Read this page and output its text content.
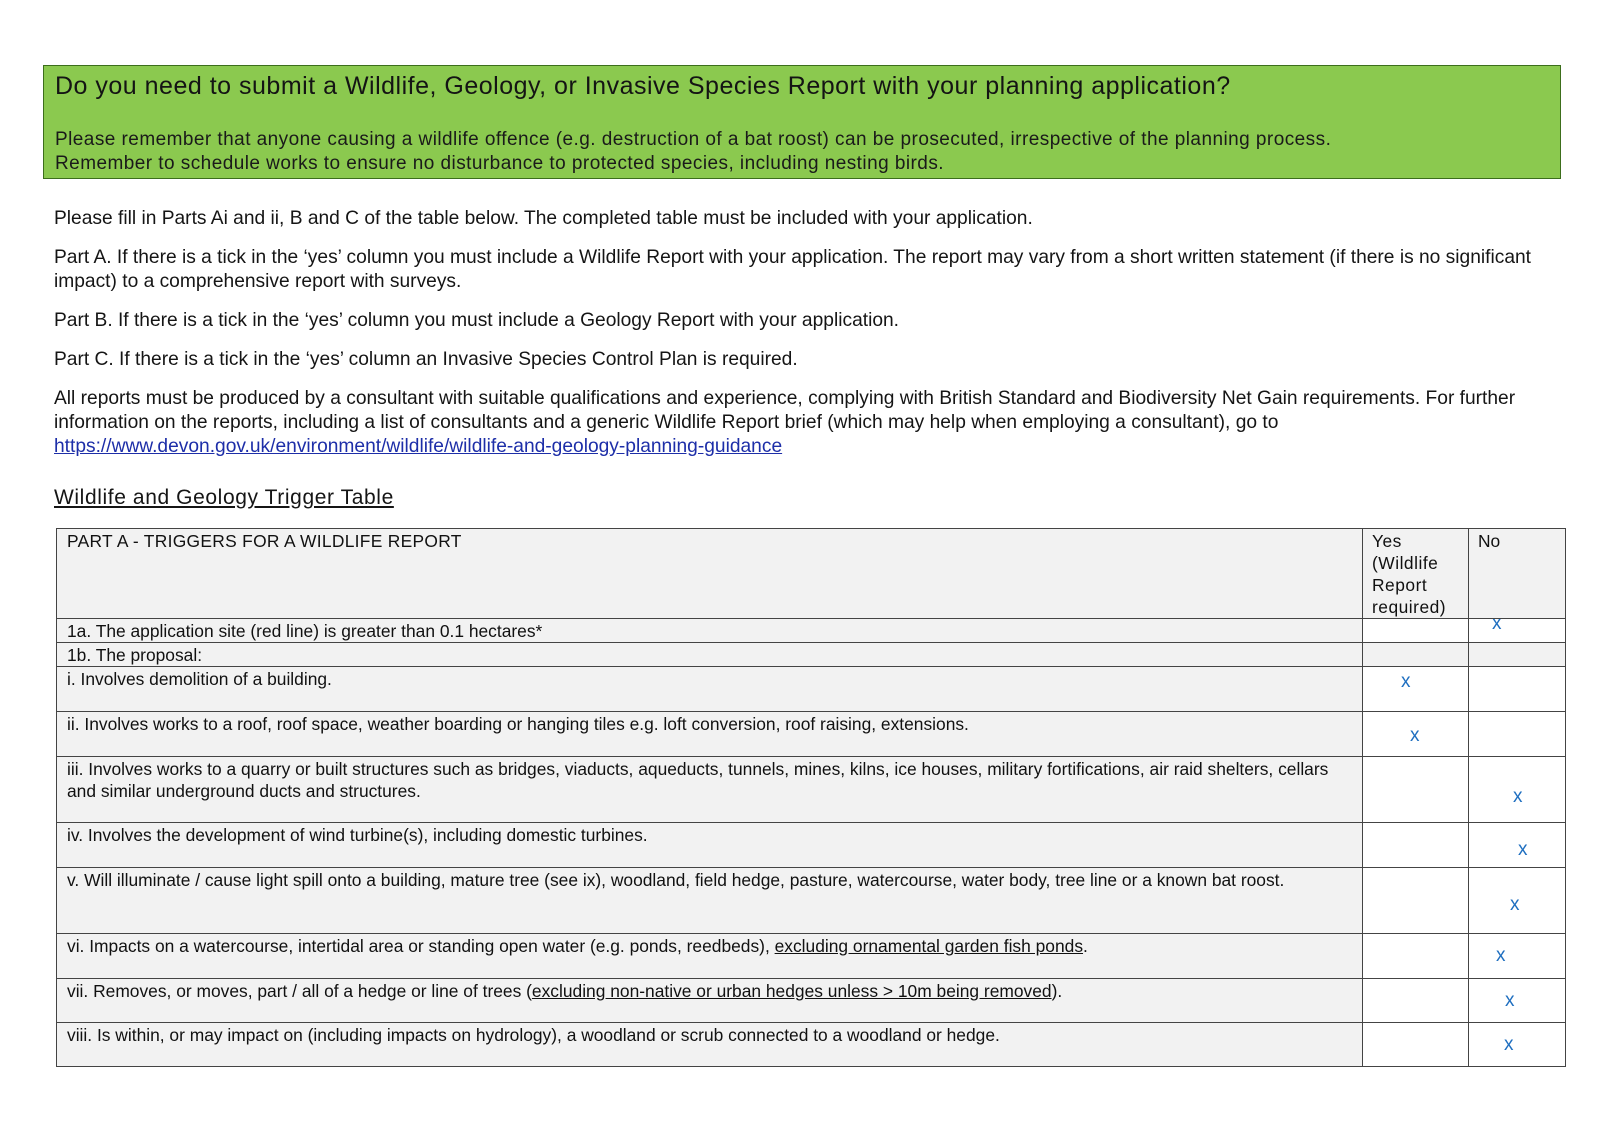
Do you need to submit a Wildlife, Geology, or Invasive Species Report with your planning application?

Please remember that anyone causing a wildlife offence (e.g. destruction of a bat roost) can be prosecuted, irrespective of the planning process.
Remember to schedule works to ensure no disturbance to protected species, including nesting birds.

Please fill in Parts Ai and ii, B and C of the table below. The completed table must be included with your application.

Part A. If there is a tick in the ‘yes’ column you must include a Wildlife Report with your application. The report may vary from a short written statement (if there is no significant impact) to a comprehensive report with surveys.

Part B. If there is a tick in the ‘yes’ column you must include a Geology Report with your application.

Part C. If there is a tick in the ‘yes’ column an Invasive Species Control Plan is required.

All reports must be produced by a consultant with suitable qualifications and experience, complying with British Standard and Biodiversity Net Gain requirements. For further information on the reports, including a list of consultants and a generic Wildlife Report brief (which may help when employing a consultant), go to https://www.devon.gov.uk/environment/wildlife/wildlife-and-geology-planning-guidance

Wildlife and Geology Trigger Table
PART A - TRIGGERS FOR A WILDLIFE REPORT	Yes (Wildlife Report required)	No
1a. The application site (red line) is greater than 0.1 hectares*		x

1b. The proposal:		
i. Involves demolition of a building.	x	

ii. Involves works to a roof, roof space, weather boarding or hanging tiles e.g. loft conversion, roof raising, extensions.	x	

iii. Involves works to a quarry or built structures such as bridges, viaducts, aqueducts, tunnels, mines, kilns, ice houses, military fortifications, air raid shelters, cellars and similar underground ducts and structures.		x

iv. Involves the development of wind turbine(s), including domestic turbines.		x

v. Will illuminate / cause light spill onto a building, mature tree (see ix), woodland, field hedge, pasture, watercourse, water body, tree line or a known bat roost.		x

vi. Impacts on a watercourse, intertidal area or standing open water (e.g. ponds, reedbeds), excluding ornamental garden fish ponds.		x

vii. Removes, or moves, part / all of a hedge or line of trees (excluding non-native or urban hedges unless > 10m being removed).		x

viii. Is within, or may impact on (including impacts on hydrology), a woodland or scrub connected to a woodland or hedge.		x
